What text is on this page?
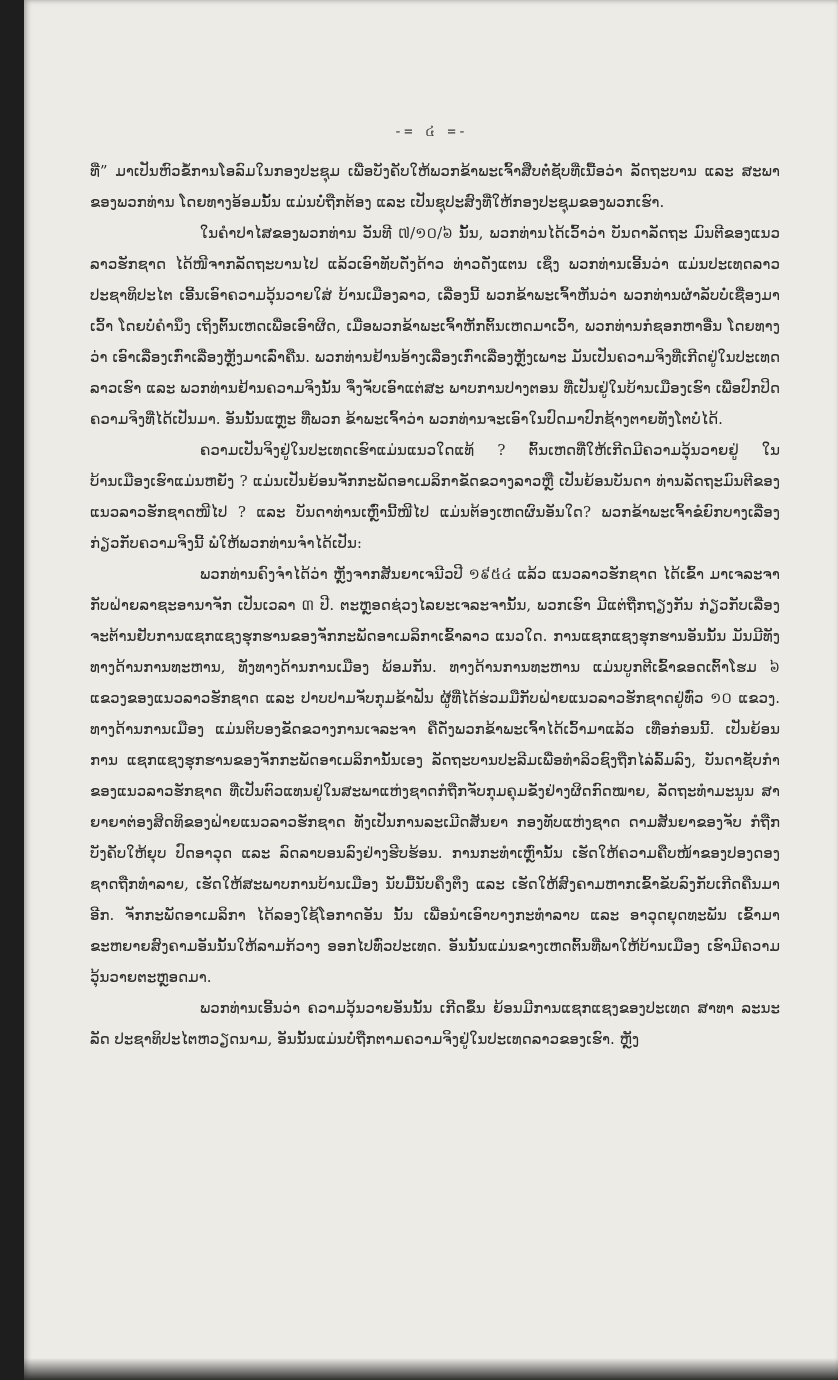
-= ៤ =-

ທີ່” ມາເປັນຫົວຂໍ້ການໂອລົມໃນກອງປະຊຸມ ເພື່ອບັງຄັບໃຫ້ພວກຂ້າພະເຈົ້າສືບຕໍ່ຊັບທີ່ເນື້ອວ່າ ລັດຖະບານ ແລະ ສະພາຂອງພວກທ່ານ ໂດຍທາງອ້ອມນັ້ນ ແມ່ນບໍ່ຖືກຕ້ອງ ແລະ ເປັນຊຸປະສົງທີ່ໃຫ້ກອງປະຊຸມຂອງພວກເຮົາ.

ໃນຄຳປາໄສຂອງພວກທ່ານ ວັນທີ ៧/១០/៦ ນັ້ນ, ພວກທ່ານໄດ້ເວົ້າວ່າ ບັນດາລັດຖະ ມົນຕີຂອງແນວລາວຮັກຊາດ ໄດ້ໜີຈາກລັດຖະບານໄປ ແລ້ວເອົາທັບດັ່ງດ້າວ ທ່າວດັ່ງແຕນ ເຊິ່ງ ພວກທ່ານເອີ້ນວ່າ ແມ່ນປະເທດລາວ ປະຊາທິປະໄຕ ເອີ້ນເອົາຄວາມວຸ້ນວາຍໃສ່ ບ້ານເມືອງລາວ, ເລື່ອງນີ້ ພວກຂ້າພະເຈົ້າຫັນວ່າ ພວກທ່ານຜໍາລັບບໍ່ເຊື່ອງມາເວົ້າ ໂດຍບໍ່ຄຳນຶງ ເຖິງຕົ້ນເຫດເພື່ອເອົາຜິດ, ເມື່ອພວກຂ້າພະເຈົ້າຫັກຕົ້ນເຫດມາເວົ້າ, ພວກທ່ານກໍຊອກຫາອື່ນ ໂດຍທາງວ່າ ເອົາເລື່ອງເກົ່າເລື່ອງຫຼັງມາເລົ່າຄືນ. ພວກທ່ານຢ້ານອ້າງເລື່ອງເກົ່າເລື່ອງຫຼັງເພາະ ມັນເປັນຄວາມຈິງທີ່ເກີດຢູ່ໃນປະເທດລາວເຮົາ ແລະ ພວກທ່ານຢ້ານຄວາມຈິງນັ້ນ ຈຶ່ງຈັບເອົາແຕ່ສະ ພາບການປາງຕອນ ທີ່ເປັນຢູ່ໃນບ້ານເມືອງເຮົາ ເພື່ອປົກປິດຄວາມຈິງທີ່ໄດ້ເປັນມາ. ອັນນັ້ນແຫຼະ ທີ່ພວກ ຂ້າພະເຈົ້າວ່າ ພວກທ່ານຈະເອົາໃນປົດມາປົກຊ້າງຕາຍທັງໂຕບໍ່ໄດ້.

ຄວາມເປັນຈິງຢູ່ໃນປະເທດເຮົາແມ່ນແນວໃດແທ້ ? ຕົ້ນເຫດທີ່ໃຫ້ເກີດມີຄວາມວຸ້ນວາຍຢູ່ ໃນບ້ານເມືອງເຮົາແມ່ນຫຍັງ ? ແມ່ນເປັນຍ້ອນຈັກກະພັດອາເມລິກາຂັດຂວາງລາວຫຼື ເປັນຍ້ອນບັນດາ ທ່ານລັດຖະມົນຕີຂອງແນວລາວຮັກຊາດໜີໄປ ? ແລະ ບັນດາທ່ານເຫຼົ່ານີ້ໜີໄປ ແມ່ນຕ້ອງເຫດຜົນອັນໃດ? ພວກຂ້າພະເຈົ້າຂໍຍົກບາງເລື່ອງ ກ່ຽວກັບຄວາມຈິງນີ້ ພໍໃຫ້ພວກທ່ານຈຳໄດ້ເປັນ:

ພວກທ່ານຄົງຈຳໄດ້ວ່າ ຫຼັງຈາກສັນຍາເຈນີວປີ ១៩៥៤ ແລ້ວ ແນວລາວຮັກຊາດ ໄດ້ເຂົ້າ ມາເຈລະຈາ ກັບຝ່າຍລາຊະອານາຈັກ ເປັນເວລາ ៣ ປີ. ຕະຫຼອດຊ່ວງໄລຍະເຈລະຈານັ້ນ, ພວກເຮົາ ມີແຕ່ຖືກຖຽງກັນ ກ່ຽວກັບເລື່ອງ ຈະຕ້ານຢັບການແຊກແຊງຮຸກຮານຂອງຈັກກະພັດອາເມລິກາເຂົ້າລາວ ແນວໃດ. ການແຊກແຊງຮຸກຮານອັນນັ້ນ ມັນມີທັງທາງດ້ານການທະຫານ, ທັງທາງດ້ານການເມືອງ ພ້ອມກັນ. ທາງດ້ານການທະຫານ ແມ່ນບູກຕີເຂົ້າຂອດເຕົ້າໂຮມ ៦ ແຂວງຂອງແນວລາວຮັກຊາດ ແລະ ປາບປາມຈັບກຸມຂ້າຟັນ ຜູ້ທີ່ໄດ້ຮ່ວມມືກັບຝ່າຍແນວລາວຮັກຊາດຢູ່ທົ່ວ ១០ ແຂວງ. ທາງດ້ານການເມືອງ ແມ່ນຕິບອງຂັດຂວາງການເຈລະຈາ ຄືດັ່ງພວກຂ້າພະເຈົ້າໄດ້ເວົ້າມາແລ້ວ ເທື່ອກ່ອນນີ້. ເປັນຍ້ອນການ ແຊກແຊງຮຸກຮານຂອງຈັກກະພັດອາເມລິການັ້ນເອງ ລັດຖະບານປະລີມເພື່ອທຳລິວຊົງຖືກໄລ່ລົ້ມລົງ, ບັນດາຊັບກຳຂອງແນວລາວຮັກຊາດ ທີ່ເປັນຕົວແທນຢູ່ໃນສະພາແຫ່ງຊາດກໍຖືກຈັບກຸມຄຸມຂັງຢ່າງຜິດກົດໝາຍ, ລັດຖະທຳມະນູນ ສາຍາຍາຕ່ອງສິດທິຂອງຝ່າຍແນວລາວຮັກຊາດ ທັງເປັນການລະເມີດສັນຍາ ກອງທັບແຫ່ງຊາດ ດາມສັນຍາຂອງຈັບ ກໍຖືກບັງຄັບໃຫ້ຍຸບ ປົດອາວຸດ ແລະ ລົດລາບອນລົງຢ່າງຮີບຮ້ອນ. ການກະທຳເຫຼົ່ານັ້ນ ເຮັດໃຫ້ຄວາມຄືບໜ້າຂອງປອງດອງຊາດຖືກທຳລາຍ, ເຮັດໃຫ້ສະພາບການບ້ານເມືອງ ນັບມື້ນັບຄຶງຕຶງ ແລະ ເຮັດໃຫ້ສົງຄາມຫາກເຂົ້າຂັບລົງກັບເກີດຄືນມາອີກ. ຈັກກະພັດອາເມລິກາ ໄດ້ລອງໃຊ້ໂອກາດອັນ ນັ້ນ ເພື່ອນຳເອົາບາງກະທຳລາບ ແລະ ອາວຸດຍຸດທະພັນ ເຂົ້າມາຂະຫຍາຍສົງຄາມອັນນັ້ນໃຫ້ລາມກ້ວາງ ອອກໄປທົ່ວປະເທດ. ອັນນັ້ນແມ່ນຂາງເຫດຕົ້ນທີ່ພາໃຫ້ບ້ານເມືອງ ເຮົາມີຄວາມວຸ້ນວາຍຕະຫຼອດມາ.

ພວກທ່ານເອີ້ນວ່າ ຄວາມວຸ້ນວາຍອັນນັ້ນ ເກີດຂຶ້ນ ຍ້ອນມີການແຊກແຊງຂອງປະເທດ ສາທາ ລະນະລັດ ປະຊາທິປະໄຕຫວຽດນາມ, ອັນນັ້ນແມ່ນບໍ່ຖືກຕາມຄວາມຈິງຢູ່ໃນປະເທດລາວຂອງເຮົາ. ຫຼັງ
